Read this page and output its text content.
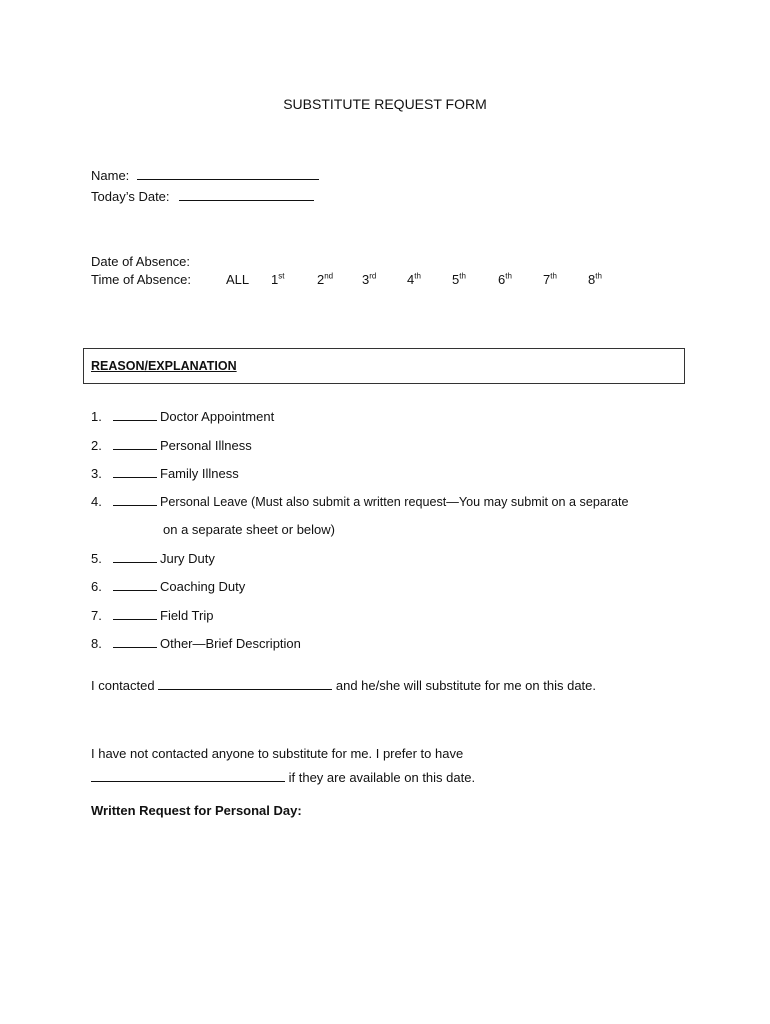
SUBSTITUTE REQUEST FORM
Name:
Today’s Date:
Date of Absence:
Time of Absence:	ALL 1st	2nd 3rd 4th 5th 6th 7th 8th
REASON/EXPLANATION
1.	Doctor Appointment
2.	Personal Illness
3.	Family Illness
4.	Personal Leave (Must also submit a written request—You may submit on a separate
on a separate sheet or below)
5.	Jury Duty
6.	Coaching Duty
7.	Field Trip
8.	Other—Brief Description
I contacted	and he/she will substitute for me on this date.
I have not contacted anyone to substitute for me. I prefer to have
if they are available on this date.
Written Request for Personal Day:
